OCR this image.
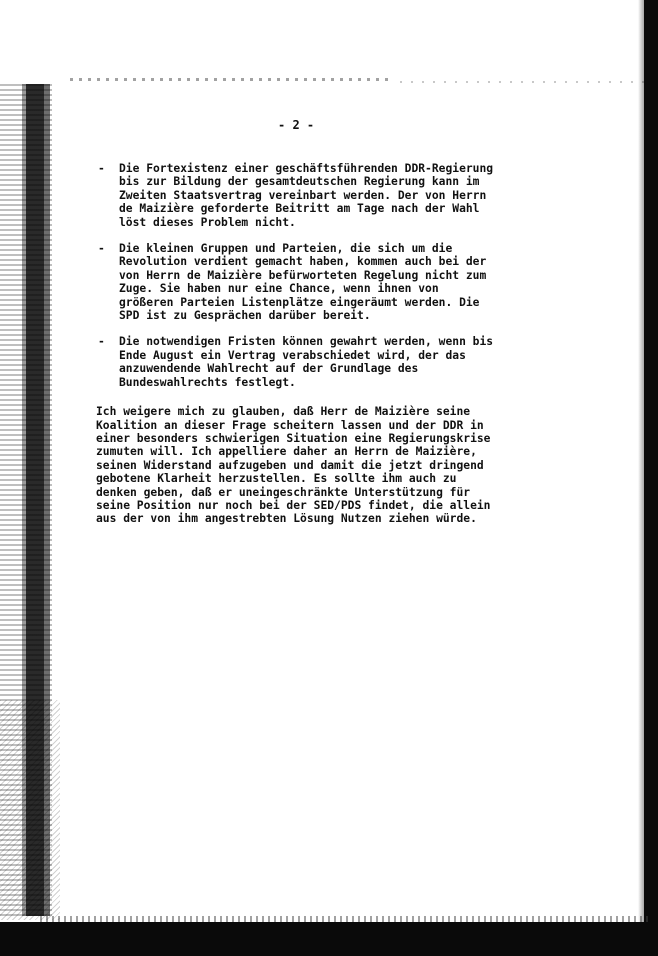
- 2 -
- Die Fortexistenz einer geschäftsführenden DDR-Regierung
bis zur Bildung der gesamtdeutschen Regierung kann im
Zweiten Staatsvertrag vereinbart werden. Der von Herrn
de Maizière geforderte Beitritt am Tage nach der Wahl
löst dieses Problem nicht.
- Die kleinen Gruppen und Parteien, die sich um die
Revolution verdient gemacht haben, kommen auch bei der
von Herrn de Maizière befürworteten Regelung nicht zum
Zuge. Sie haben nur eine Chance, wenn ihnen von
größeren Parteien Listenplätze eingeräumt werden. Die
SPD ist zu Gesprächen darüber bereit.
- Die notwendigen Fristen können gewahrt werden, wenn bis
Ende August ein Vertrag verabschiedet wird, der das
anzuwendende Wahlrecht auf der Grundlage des
Bundeswahlrechts festlegt.
Ich weigere mich zu glauben, daß Herr de Maizière seine
Koalition an dieser Frage scheitern lassen und der DDR in
einer besonders schwierigen Situation eine Regierungskrise
zumuten will. Ich appelliere daher an Herrn de Maizière,
seinen Widerstand aufzugeben und damit die jetzt dringend
gebotene Klarheit herzustellen. Es sollte ihm auch zu
denken geben, daß er uneingeschränkte Unterstützung für
seine Position nur noch bei der SED/PDS findet, die allein
aus der von ihm angestrebten Lösung Nutzen ziehen würde.
